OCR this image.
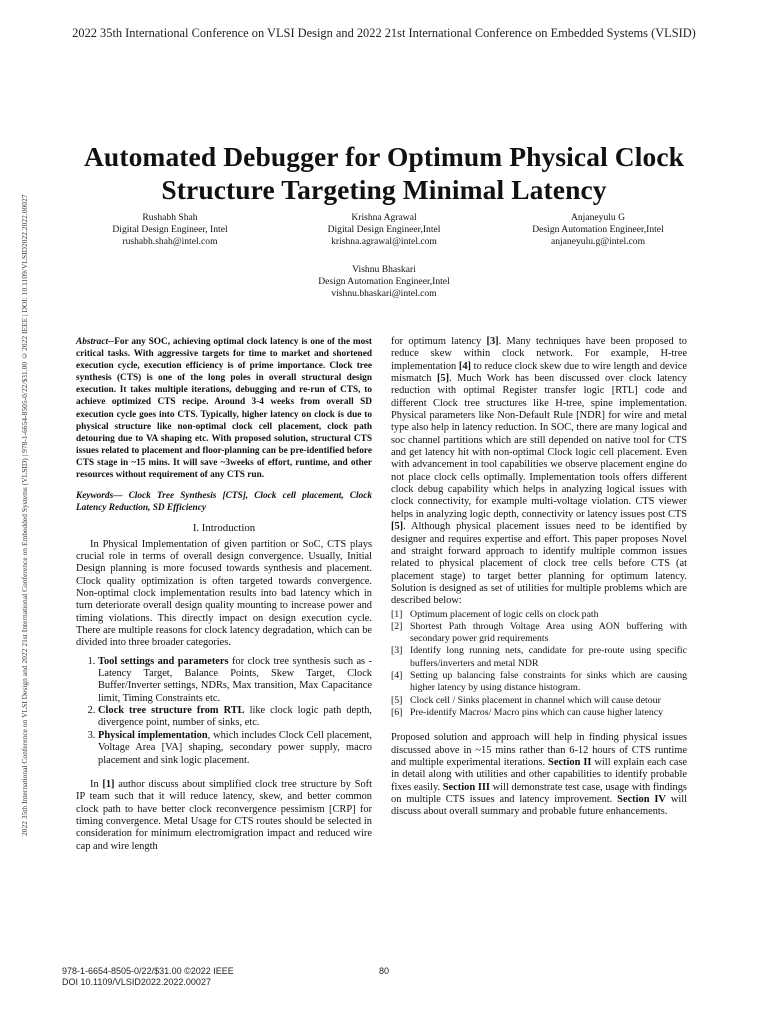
2022 35th International Conference on VLSI Design and 2022 21st International Conference on Embedded Systems (VLSID)
2022 35th International Conference on VLSI Design and 2022 21st International Conference on Embedded Systems (VLSID) | 978-1-6654-8505-0/22/$31.00 ©2022 IEEE | DOI: 10.1109/VLSID2022.2022.00027
Automated Debugger for Optimum Physical Clock Structure Targeting Minimal Latency
Rushabh Shah
Digital Design Engineer, Intel
rushabh.shah@intel.com
Krishna Agrawal
Digital Design Engineer,Intel
krishna.agrawal@intel.com
Anjaneyulu G
Design Automation Engineer,Intel
anjaneyulu.g@intel.com
Vishnu Bhaskari
Design Automation Engineer,Intel
vishnu.bhaskari@intel.com

Abstract--For any SOC, achieving optimal clock latency is one of the most critical tasks. With aggressive targets for time to market and shortened execution cycle, execution efficiency is of prime importance. Clock tree synthesis (CTS) is one of the long poles in overall structural design execution. It takes multiple iterations, debugging and re-run of CTS, to achieve optimized CTS recipe. Around 3-4 weeks from overall SD execution cycle goes into CTS. Typically, higher latency on clock is due to physical structure like non-optimal clock cell placement, clock path detouring due to VA shaping etc. With proposed solution, structural CTS issues related to placement and floor-planning can be pre-identified before CTS stage in ~15 mins. It will save ~3weeks of effort, runtime, and other resources without requirement of any CTS run.

Keywords— Clock Tree Synthesis [CTS], Clock cell placement, Clock Latency Reduction, SD Efficiency

I. Introduction

In Physical Implementation of given partition or SoC, CTS plays crucial role in terms of overall design convergence. Usually, Initial Design planning is more focused towards synthesis and placement. Clock quality optimization is often targeted towards convergence. Non-optimal clock implementation results into bad latency which in turn deteriorate overall design quality mounting to increase power and timing violations. This directly impact on design execution cycle. There are multiple reasons for clock latency degradation, which can be divided into three broader categories.

1. Tool settings and parameters for clock tree synthesis such as - Latency Target, Balance Points, Skew Target, Clock Buffer/Inverter settings, NDRs, Max transition, Max Capacitance limit, Timing Constraints etc.
2. Clock tree structure from RTL like clock logic path depth, divergence point, number of sinks, etc.
3. Physical implementation, which includes Clock Cell placement, Voltage Area [VA] shaping, secondary power supply, macro placement and sink logic placement.

In [1] author discuss about simplified clock tree structure by Soft IP team such that it will reduce latency, skew, and better common clock path to have better clock reconvergence pessimism [CRP] for timing convergence. Metal Usage for CTS routes should be selected in consideration for minimum electromigration impact and reduced wire cap and wire length

for optimum latency [3]. Many techniques have been proposed to reduce skew within clock network. For example, H-tree implementation [4] to reduce clock skew due to wire length and device mismatch [5]. Much Work has been discussed over clock latency reduction with optimal Register transfer logic [RTL] code and different Clock tree structures like H-tree, spine implementation. Physical parameters like Non-Default Rule [NDR] for wire and metal type also help in latency reduction. In SOC, there are many logical and soc channel partitions which are still depended on native tool for CTS and get latency hit with non-optimal Clock logic cell placement. Even with advancement in tool capabilities we observe placement engine do not place clock cells optimally. Implementation tools offers different clock debug capability which helps in analyzing logical issues with clock connectivity, for example multi-voltage violation. CTS viewer helps in analyzing logic depth, connectivity or latency issues post CTS [5]. Although physical placement issues need to be identified by designer and requires expertise and effort. This paper proposes Novel and straight forward approach to identify multiple common issues related to physical placement of clock tree cells before CTS (at placement stage) to target better planning for optimum latency. Solution is designed as set of utilities for multiple problems which are described below:

[1] Optimum placement of logic cells on clock path
[2] Shortest Path through Voltage Area using AON buffering with secondary power grid requirements
[3] Identify long running nets, candidate for pre-route using specific buffers/inverters and metal NDR
[4] Setting up balancing false constraints for sinks which are causing higher latency by using distance histogram.
[5] Clock cell / Sinks placement in channel which will cause detour
[6] Pre-identify Macros/ Macro pins which can cause higher latency

Proposed solution and approach will help in finding physical issues discussed above in ~15 mins rather than 6-12 hours of CTS runtime and multiple experimental iterations. Section II will explain each case in detail along with utilities and other capabilities to identify probable fixes easily. Section III will demonstrate test case, usage with findings on multiple CTS issues and latency improvement. Section IV will discuss about overall summary and probable future enhancements.

978-1-6654-8505-0/22/$31.00 ©2022 IEEE
DOI 10.1109/VLSID2022.2022.00027
80
